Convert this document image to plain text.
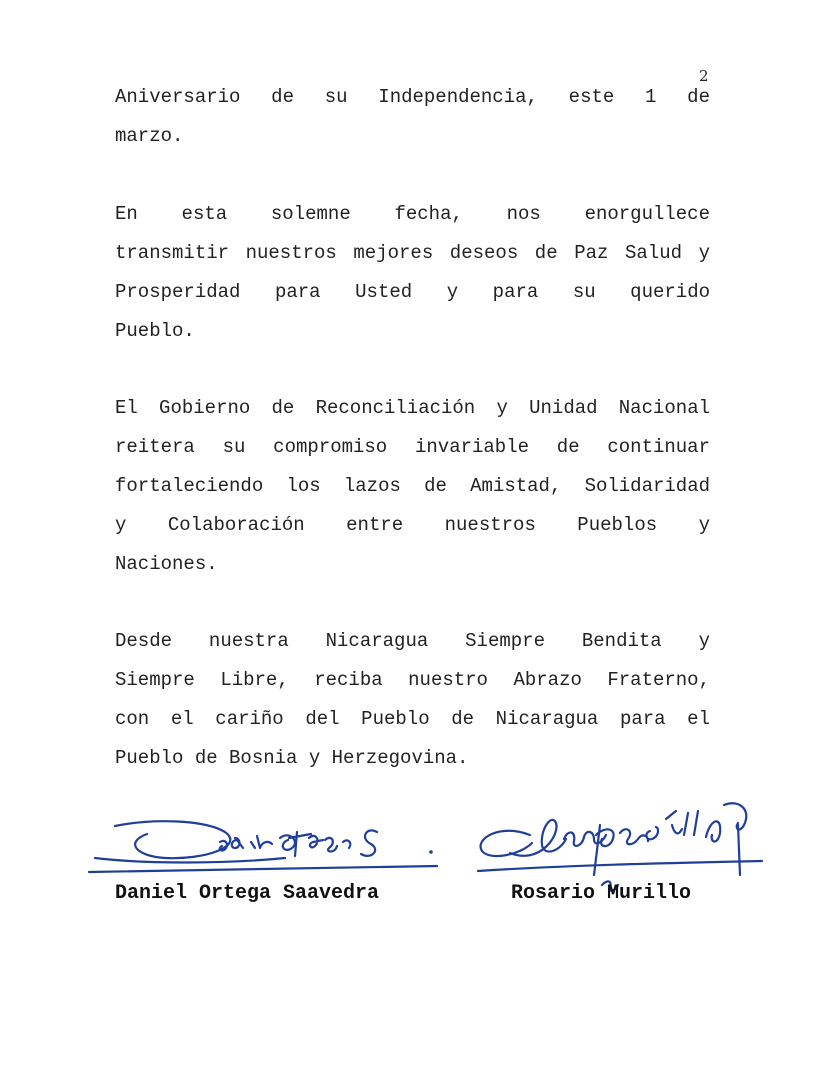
2

Aniversario de su Independencia, este 1 de

marzo.

En esta solemne fecha, nos enorgullece

transmitir nuestros mejores deseos de Paz Salud y

Prosperidad para Usted y para su querido

Pueblo.

El Gobierno de Reconciliación y Unidad Nacional

reitera su compromiso invariable de continuar

fortaleciendo los lazos de Amistad, Solidaridad

y Colaboración entre nuestros Pueblos y

Naciones.

Desde nuestra Nicaragua Siempre Bendita y

Siempre Libre, reciba nuestro Abrazo Fraterno,

con el cariño del Pueblo de Nicaragua para el

Pueblo de Bosnia y Herzegovina.

Daniel Ortega Saavedra	Rosario Murillo
